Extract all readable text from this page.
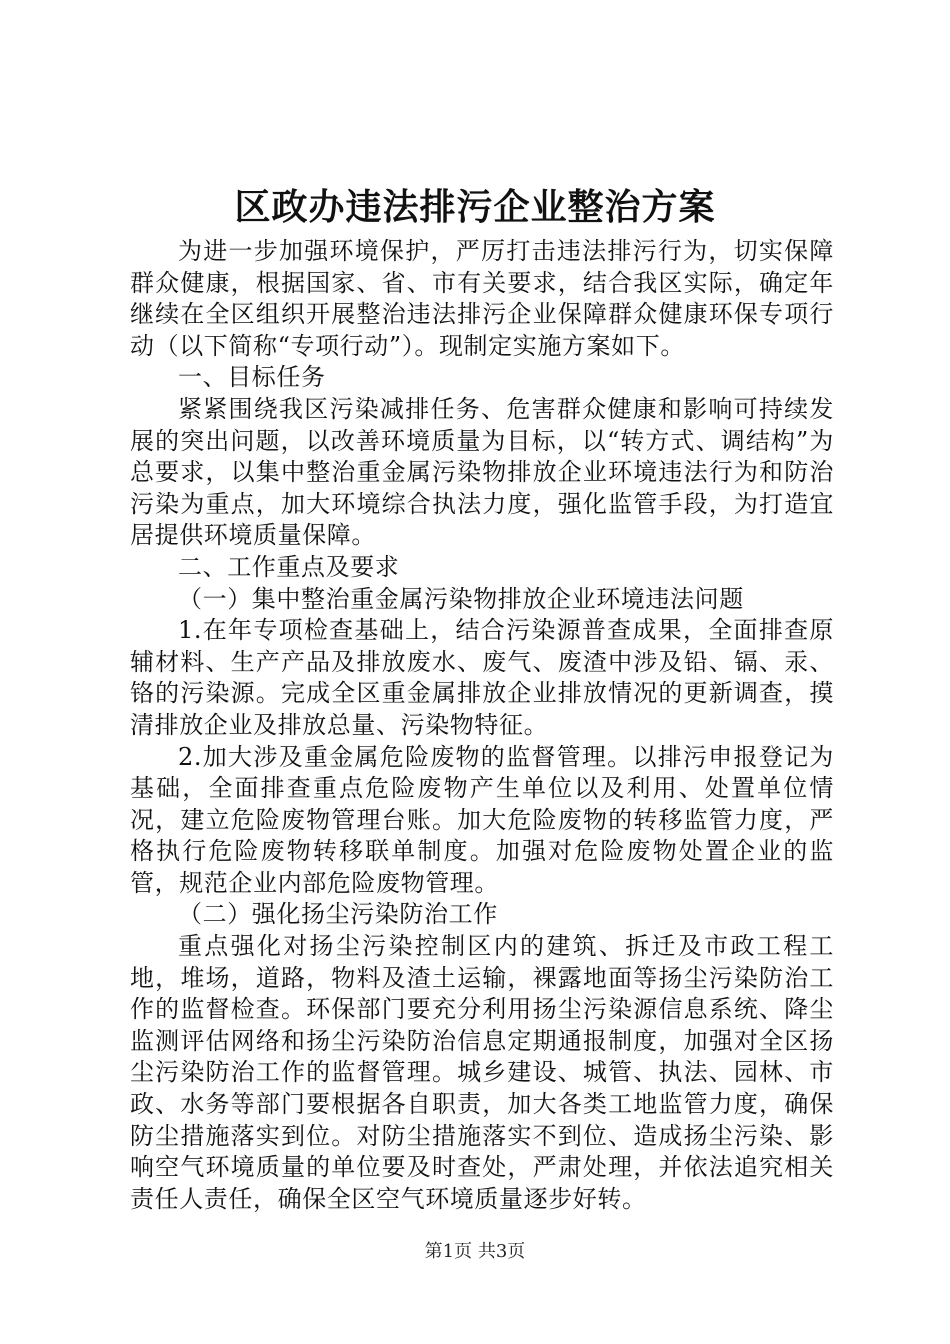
区政办违法排污企业整治方案

为进一步加强环境保护，严厉打击违法排污行为，切实保障群众健康，根据国家、省、市有关要求，结合我区实际，确定年继续在全区组织开展整治违法排污企业保障群众健康环保专项行动（以下简称“专项行动”）。现制定实施方案如下。

一、目标任务

紧紧围绕我区污染减排任务、危害群众健康和影响可持续发展的突出问题，以改善环境质量为目标，以“转方式、调结构”为总要求，以集中整治重金属污染物排放企业环境违法行为和防治污染为重点，加大环境综合执法力度，强化监管手段，为打造宜居提供环境质量保障。

二、工作重点及要求

（一）集中整治重金属污染物排放企业环境违法问题

1.在年专项检查基础上，结合污染源普查成果，全面排查原辅材料、生产产品及排放废水、废气、废渣中涉及铅、镉、汞、铬的污染源。完成全区重金属排放企业排放情况的更新调查，摸清排放企业及排放总量、污染物特征。

2.加大涉及重金属危险废物的监督管理。以排污申报登记为基础，全面排查重点危险废物产生单位以及利用、处置单位情况，建立危险废物管理台账。加大危险废物的转移监管力度，严格执行危险废物转移联单制度。加强对危险废物处置企业的监管，规范企业内部危险废物管理。

（二）强化扬尘污染防治工作

重点强化对扬尘污染控制区内的建筑、拆迁及市政工程工地，堆场，道路，物料及渣土运输，裸露地面等扬尘污染防治工作的监督检查。环保部门要充分利用扬尘污染源信息系统、降尘监测评估网络和扬尘污染防治信息定期通报制度，加强对全区扬尘污染防治工作的监督管理。城乡建设、城管、执法、园林、市政、水务等部门要根据各自职责，加大各类工地监管力度，确保防尘措施落实到位。对防尘措施落实不到位、造成扬尘污染、影响空气环境质量的单位要及时查处，严肃处理，并依法追究相关责任人责任，确保全区空气环境质量逐步好转。

第1页 共3页
